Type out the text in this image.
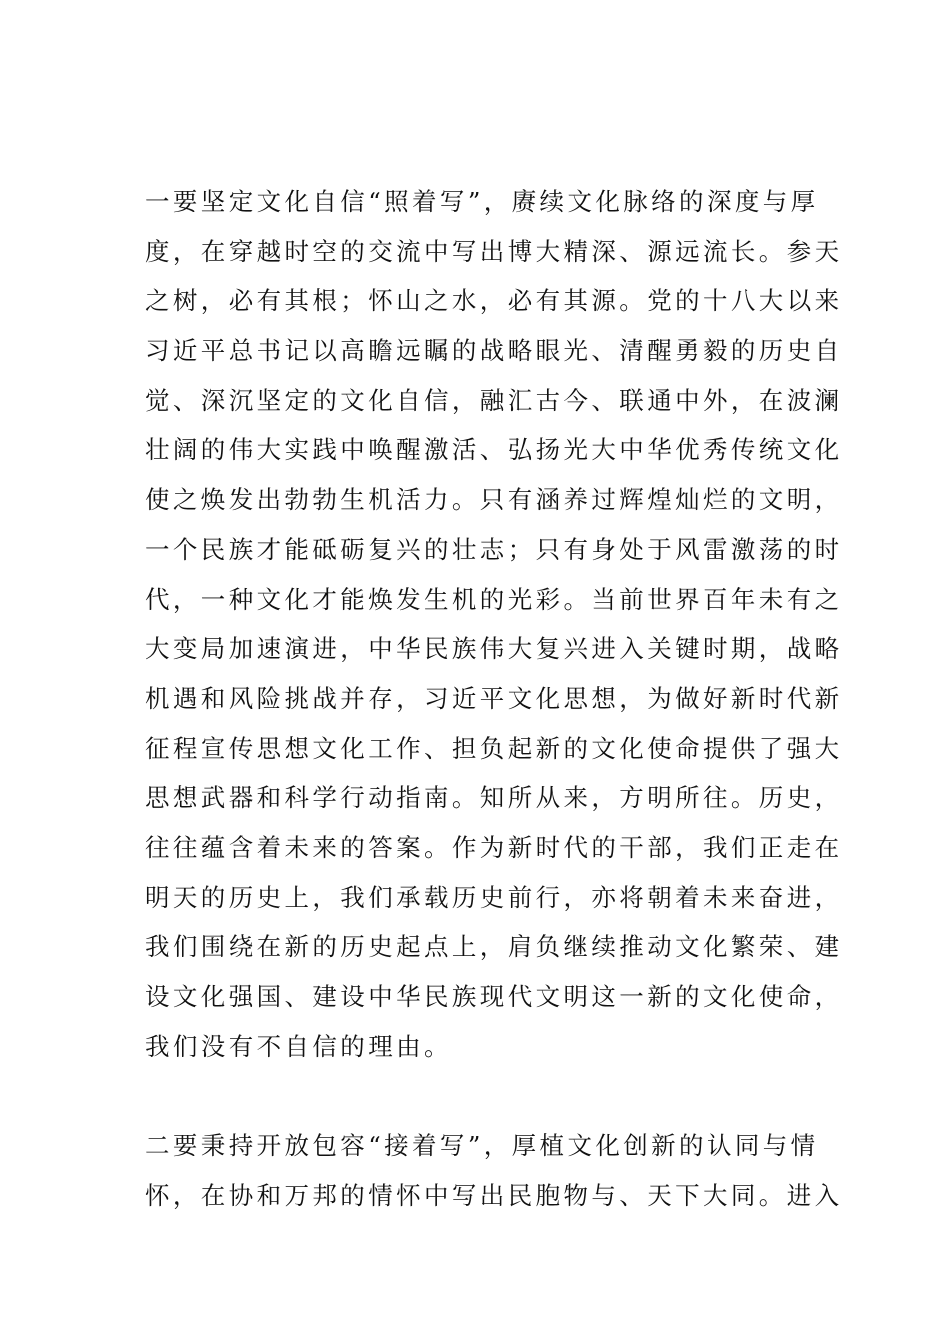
一要坚定文化自信“照着写”，赓续文化脉络的深度与厚
度，在穿越时空的交流中写出博大精深、源远流长。参天
之树，必有其根；怀山之水，必有其源。党的十八大以来
习近平总书记以高瞻远瞩的战略眼光、清醒勇毅的历史自
觉、深沉坚定的文化自信，融汇古今、联通中外，在波澜
壮阔的伟大实践中唤醒激活、弘扬光大中华优秀传统文化
使之焕发出勃勃生机活力。只有涵养过辉煌灿烂的文明，
一个民族才能砥砺复兴的壮志；只有身处于风雷激荡的时
代，一种文化才能焕发生机的光彩。当前世界百年未有之
大变局加速演进，中华民族伟大复兴进入关键时期，战略
机遇和风险挑战并存，习近平文化思想，为做好新时代新
征程宣传思想文化工作、担负起新的文化使命提供了强大
思想武器和科学行动指南。知所从来，方明所往。历史，
往往蕴含着未来的答案。作为新时代的干部，我们正走在
明天的历史上，我们承载历史前行，亦将朝着未来奋进，
我们围绕在新的历史起点上，肩负继续推动文化繁荣、建
设文化强国、建设中华民族现代文明这一新的文化使命，
我们没有不自信的理由。
二要秉持开放包容“接着写”，厚植文化创新的认同与情
怀，在协和万邦的情怀中写出民胞物与、天下大同。进入
